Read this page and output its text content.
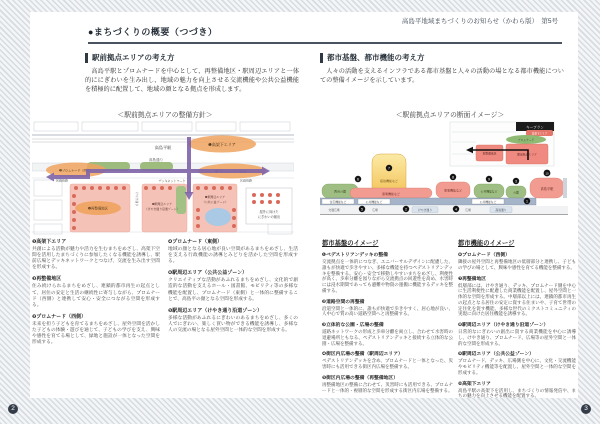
高島平地域まちづくりのお知らせ（かわら版）　第5号
●まちづくりの概要（つづき）
駅前拠点エリアの考え方
　高島平駅とプロムナードを中心として、再整備地区・駅周辺エリアと一体的ににぎわいを生み出し、地域の魅力を向上させる交流機能や公共公益機能を積極的に配置して、地域の顔となる拠点を形成します。
＜駅前拠点エリアの整備方針＞
❶高架下エリア
高島平駅
高島通り
❷プロムナード（西側）	❹プロムナード（東側）
区画街路	区画街路
❸再整備地区
❺駅周辺エリア
（けやき通り沿道ゾーン）
❻駅周辺エリア
（公共公益ゾーン）
デッキネットワーク
けやき通り
屋外に向けた
にぎわいの創出

❶高架下エリア

共創による活動が魅力や活力を生むまちをめざし、高架下空間を活用したまちづくりに参加したくなる機能を誘導し、駅前広場とデッキネットワークとつなげ、交流を生み出す空間を形成する。

❸再整備地区

住み続けられるまちをめざし、連鎖的都市再生の起点として、居住の安定と生活の継続性に寄与しながら、プロムナード（西側）と連携して安心・安全につながる空間を形成する。

❷プロムナード（西側）

未来を担う子どもを育てるまちをめざし、屋外空間を活かした子どもの体験・遊びを通じて、子どもの学びを支え、興味や感性を育てる場として、緑地と施設が一体となった空間を形成する。

❹プロムナード（東側）

地域の顔となる居心地が良い空間があるまちをめざし、生活を支える行政機能の誘導とみどりを活かした空間を形成する。

❻駅周辺エリア（公共公益ゾーン）

クリエイティブな活動があふれるまちをめざし、文化的で創造的な活動を支えるホール・図書館、モビリティ等の多様な機能を配置し、プロムナード（東側）と一体的に整備することで、高島平の顔となる空間を形成する。

❺駅周辺エリア（けやき通り沿道ゾーン）

多様な活動があふれるにぎわいのあるまちをめざし、多くの人でにぎわい、楽しく買い物ができる機能を誘導し、多様な人の交流の場となる屋外空間と一体的な空間を形成する。

都市基盤、都市機能の考え方
　人々の活動を支えるインフラである都市基盤と人々の活動の場となる都市機能についての整備イメージを示しています。
＜駅前拠点エリアの断面イメージ＞
キープラン
高架下エリア
プロムナード
再整備地区	駅前拠点エリア
西台公園
宿泊機能など
商業機能など
商業機能など	公共機能など	公園
高島平駅
住宅機能など	公共機能など	公共機能など
交通広場	広場	けやき通り	広場	高島通り
6
7
8	9	3
10
1
5	2	4

都市基盤のイメージ

❶ペデストリアンデッキの整備

交流拠点を一体的につなぎ、ユニバーサルデザインに配慮した、誰もが快適で歩きやすい、多様な機能を持つペデストリアンデッキを整備する。安心・安全で移動しやすいまちをめざし、利便性が高く、歩車分離を図りながら交流拠点の回遊性を高め、水害時には浸水期間であっても避難や物資の運搬に機能するデッキを整備する。

❷道路空間の再整備

沿道空間と一体的に、誰もが快適で歩きやすく、居心地が良い、人中心で質の高い道路空間へと再整備する。

❸立体的な公園・広場の整備

道路ネットワークの形成と歩車分離を両立し、合わせて水害時の退避場所ともなる、ペデストリアンデッキと接続する立体的な公園・広場を整備する。

❹街区内広場の整備（駅周辺エリア）

ペデストリアンデッキを含め、プロムナードと一体となった、災害時にも活用できる街区内広場を整備する。

❺街区内広場の整備（再整備地区）

再整備地区の整備に合わせて、災害時にも活用できる、プロムナードと一体的・複層的な空間を形成する街区内広場を整備する。

都市機能のイメージ

❻プロムナード（西側）

隣接の屋外空間と再整備地区の低層部分と連携し、子どもの学びの場として、興味や感性を育てる機能を整備する。

❼再整備地区

低層部には、けやき通り、デッキ、プロムナード側を中心に生活利便性に配慮した商業機能を配置し、屋外空間と一体的な空間を形成する。中層部以上には、連鎖的都市再生の起点となる居住の安定に資する住まいや、子育て世帯の定住化を促す機能、多様な世代のミクストコミュニティの実現に向けた居住機能を誘導する。

❽駅周辺エリア（けやき通り沿道ゾーン）

日常的なにぎわいの創出に資する商業機能を中心に誘導し、けやき通り、プロムナード、広場等の屋外空間と一体的な空間を形成する。

❾駅周辺エリア（公共公益ゾーン）

プロムナード、デッキ、広場側を中心に、文化・交流機能やモビリティ機能等を配置し、屋外空間と一体的な空間を形成する。

❿高架下エリア

高島平駅の高架下を活用し、まちづくりの情報発信や、まちの魅力を向上させる機能を配置する。

2	3
